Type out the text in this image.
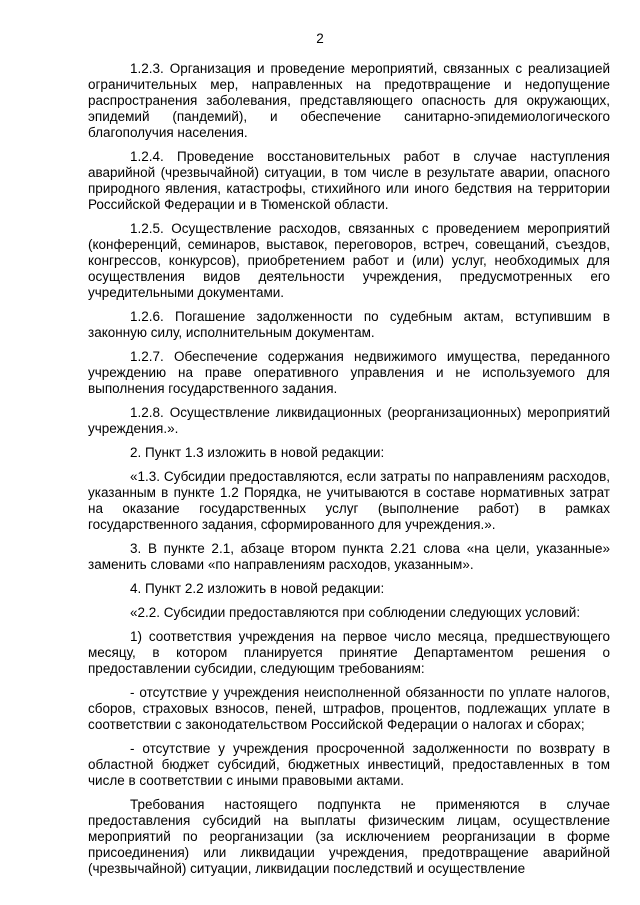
2

1.2.3. Организация и проведение мероприятий, связанных с реализацией ограничительных мер, направленных на предотвращение и недопущение распространения заболевания, представляющего опасность для окружающих, эпидемий (пандемий), и обеспечение санитарно-эпидемиологического благополучия населения.

1.2.4. Проведение восстановительных работ в случае наступления аварийной (чрезвычайной) ситуации, в том числе в результате аварии, опасного природного явления, катастрофы, стихийного или иного бедствия на территории Российской Федерации и в Тюменской области.

1.2.5. Осуществление расходов, связанных с проведением мероприятий (конференций, семинаров, выставок, переговоров, встреч, совещаний, съездов, конгрессов, конкурсов), приобретением работ и (или) услуг, необходимых для осуществления видов деятельности учреждения, предусмотренных его учредительными документами.

1.2.6. Погашение задолженности по судебным актам, вступившим в законную силу, исполнительным документам.

1.2.7. Обеспечение содержания недвижимого имущества, переданного учреждению на праве оперативного управления и не используемого для выполнения государственного задания.

1.2.8. Осуществление ликвидационных (реорганизационных) мероприятий учреждения.».

2. Пункт 1.3 изложить в новой редакции:

«1.3. Субсидии предоставляются, если затраты по направлениям расходов, указанным в пункте 1.2 Порядка, не учитываются в составе нормативных затрат на оказание государственных услуг (выполнение работ) в рамках государственного задания, сформированного для учреждения.».

3. В пункте 2.1, абзаце втором пункта 2.21 слова «на цели, указанные» заменить словами «по направлениям расходов, указанным».

4. Пункт 2.2 изложить в новой редакции:

«2.2. Субсидии предоставляются при соблюдении следующих условий:

1) соответствия учреждения на первое число месяца, предшествующего месяцу, в котором планируется принятие Департаментом решения о предоставлении субсидии, следующим требованиям:

- отсутствие у учреждения неисполненной обязанности по уплате налогов, сборов, страховых взносов, пеней, штрафов, процентов, подлежащих уплате в соответствии с законодательством Российской Федерации о налогах и сборах;

- отсутствие у учреждения просроченной задолженности по возврату в областной бюджет субсидий, бюджетных инвестиций, предоставленных в том числе в соответствии с иными правовыми актами.

Требования настоящего подпункта не применяются в случае предоставления субсидий на выплаты физическим лицам, осуществление мероприятий по реорганизации (за исключением реорганизации в форме присоединения) или ликвидации учреждения, предотвращение аварийной (чрезвычайной) ситуации, ликвидации последствий и осуществление
